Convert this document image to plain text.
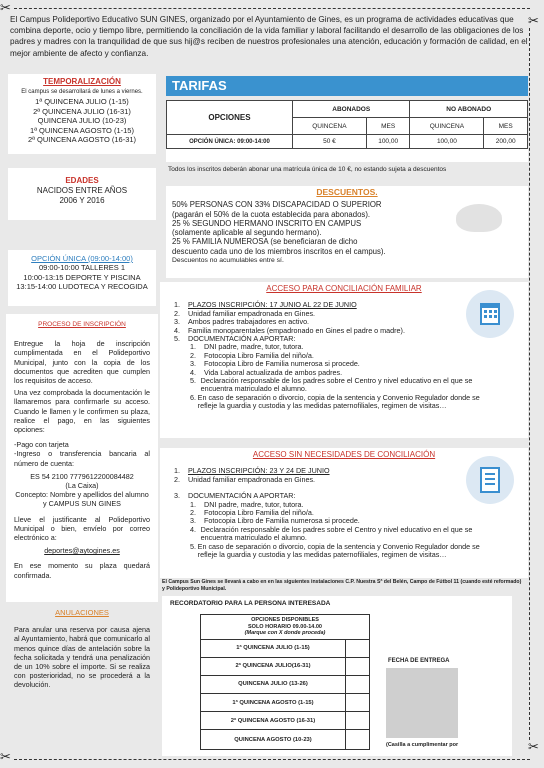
✂
✂
✂
✂

El Campus Polideportivo Educativo SUN GINES, organizado por el Ayuntamiento de Gines, es un programa de actividades educativas que combina deporte, ocio y tiempo libre, permitiendo la conciliación de la vida familiar y laboral facilitando el desarrollo de las obligaciones de los padres y madres con la tranquilidad de que sus hij@s reciben de nuestros profesionales una atención, educación y formación de calidad, en el mejor ambiente de afecto y confianza.

TEMPORALIZACIÓN
El campus se desarrollará de lunes a viernes.
1ª QUINCENA JULIO (1-15)
2ª QUINCENA JULIO (16-31)
QUINCENA JULIO (10-23)
1ª QUINCENA AGOSTO (1-15)
2ª QUINCENA AGOSTO (16-31)
EDADES
NACIDOS ENTRE AÑOS
2006 Y 2016
OPCIÓN ÚNICA (09:00-14:00)
09:00-10:00 TALLERES 1
10:00-13:15 DEPORTE Y PISCINA
13:15-14:00 LUDOTECA Y RECOGIDA
PROCESO DE INSCRIPCIÓN

Entregue la hoja de inscripción cumplimentada en el Polideportivo Municipal, junto con la copia de los documentos que acrediten que cumplen los requisitos de acceso.

Una vez comprobada la documentación le llamaremos para confirmarle su acceso. Cuando le llamen y le confirmen su plaza, realice el pago, en las siguientes opciones:

-Pago con tarjeta

-Ingreso o transferencia bancaria al número de cuenta:

ES 54 2100 7779612200084482

(La Caixa)

Concepto: Nombre y apellidos del alumno y CAMPUS SUN GINES

Lleve el justificante al Polideportivo Municipal o bien, envíelo por correo electrónico a:

deportes@aytogines.es

En ese momento su plaza quedará confirmada.

ANULACIONES

Para anular una reserva por causa ajena al Ayuntamiento, habrá que comunicarlo al menos quince días de antelación sobre la fecha solicitada y tendrá una penalización de un 10% sobre el importe. Si se realiza con posterioridad, no se procederá a la devolución.

TARIFAS
OPCIONES	ABONADOS		NO ABONADO	
	QUINCENA	MES	QUINCENA	MES
OPCIÓN ÚNICA: 09:00-14:00	50 €	100,00	100,00	200,00
Todos los inscritos deberán abonar una matrícula única de 10 €, no estando sujeta a descuentos
DESCUENTOS.
50% PERSONAS CON 33% DISCAPACIDAD O SUPERIOR
(pagarán el 50% de la cuota establecida para abonados).
25 % SEGUNDO HERMANO INSCRITO EN CAMPUS
(solamente aplicable al segundo hermano).
25 % FAMILIA NUMEROSA (se beneficiaran de dicho
descuento cada uno de los miembros inscritos en el campus).
Descuentos no acumulables entre sí.
ACCESO PARA CONCILIACIÓN FAMILIAR
1. PLAZOS INSCRIPCIÓN: 17 JUNIO AL 22 DE JUNIO
2. Unidad familiar empadronada en Gines.
3. Ambos padres trabajadores en activo.
4. Familia monoparentales (empadronado en Gines el padre o madre).
5. DOCUMENTACIÓN A APORTAR:
1.	DNI padre, madre, tutor, tutora.
2.	Fotocopia Libro Familia del niño/a.
3.	Fotocopia Libro de Familia numerosa si procede.
4.	Vida Laboral actualizada de ambos padres.
5. Declaración responsable de los padres sobre el Centro y nivel educativo en el que se encuentra matriculado el alumno.
6. En caso de separación o divorcio, copia de la sentencia y Convenio Regulador donde se refleje la guardia y custodia y las medidas paternofiliales, regimen de visitas…
ACCESO SIN NECESIDADES DE CONCILIACIÓN
1. PLAZOS INSCRIPCIÓN: 23 Y 24 DE JUNIO
2. Unidad familiar empadronada en Gines.
3. DOCUMENTACIÓN A APORTAR:
1.	DNI padre, madre, tutor, tutora.
2.	Fotocopia Libro Familia del niño/a.
3.	Fotocopia Libro de Familia numerosa si procede.
4. Declaración responsable de los padres sobre el Centro y nivel educativo en el que se encuentra matriculado el alumno.
5. En caso de separación o divorcio, copia de la sentencia y Convenio Regulador donde se refleje la guardia y custodia y las medidas paternofiliales, regimen de visitas…
El Campus Sun Gines se llevará a cabo en en las siguientes instalaciones C.P. Nuestra Sª del Belén, Campo de Fútbol 11 (cuando esté reformado) y Polideportivo Municipal.
RECORDATORIO PARA LA PERSONA INTERESADA
OPCIONES DISPONIBLES
SOLO HORARIO 09.00-14.00
(Marque con X donde proceda)
1ª QUINCENA JULIO (1-15)
2ª QUINCENA JULIO(16-31)
QUINCENA JULIO (13-26)
1ª QUINCENA AGOSTO (1-15)
2ª QUINCENA AGOSTO (16-31)
QUINCENA AGOSTO (10-23)
FECHA DE ENTREGA
(Casilla a cumplimentar por
